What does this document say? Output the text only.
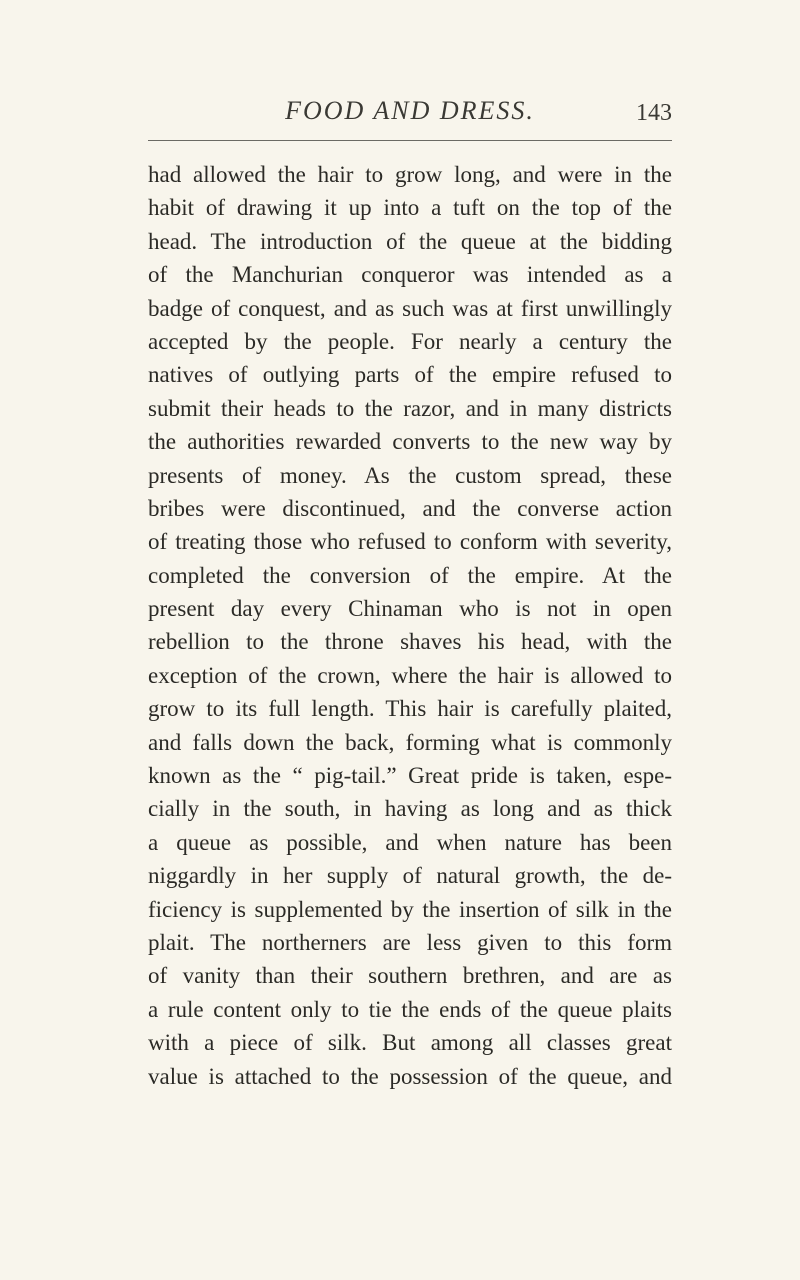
FOOD AND DRESS.	143
had allowed the hair to grow long, and were in the
habit of drawing it up into a tuft on the top of the
head. The introduction of the queue at the bidding
of the Manchurian conqueror was intended as a
badge of conquest, and as such was at first unwillingly
accepted by the people. For nearly a century the
natives of outlying parts of the empire refused to
submit their heads to the razor, and in many districts
the authorities rewarded converts to the new way by
presents of money. As the custom spread, these
bribes were discontinued, and the converse action
of treating those who refused to conform with severity,
completed the conversion of the empire. At the
present day every Chinaman who is not in open
rebellion to the throne shaves his head, with the
exception of the crown, where the hair is allowed to
grow to its full length. This hair is carefully plaited,
and falls down the back, forming what is commonly
known as the “ pig-tail.” Great pride is taken, espe-
cially in the south, in having as long and as thick
a queue as possible, and when nature has been
niggardly in her supply of natural growth, the de-
ficiency is supplemented by the insertion of silk in the
plait. The northerners are less given to this form
of vanity than their southern brethren, and are as
a rule content only to tie the ends of the queue plaits
with a piece of silk. But among all classes great
value is attached to the possession of the queue, and
